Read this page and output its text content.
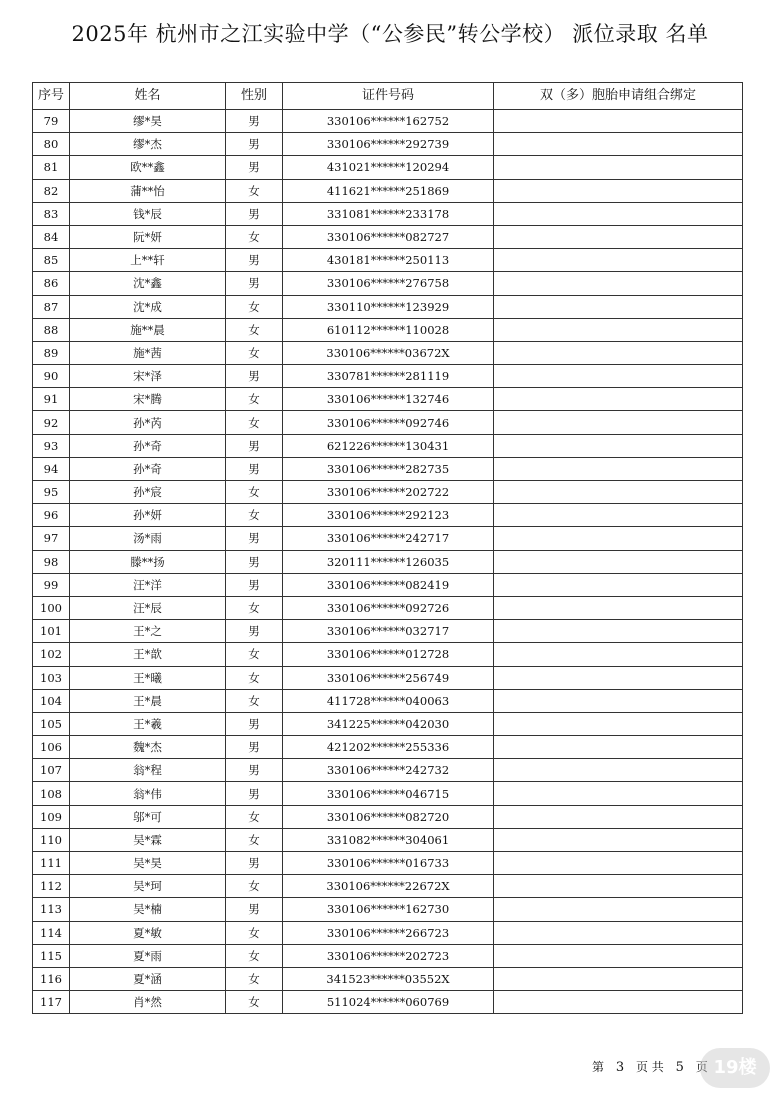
2025年 杭州市之江实验中学（“公参民”转公学校） 派位录取 名单
序号	姓名	性别	证件号码	双（多）胞胎申请组合绑定
79	缪*昊	男	330106******162752	
80	缪*杰	男	330106******292739	
81	欧**鑫	男	431021******120294	
82	蒲**怡	女	411621******251869	
83	钱*辰	男	331081******233178	
84	阮*妍	女	330106******082727	
85	上**轩	男	430181******250113	
86	沈*鑫	男	330106******276758	
87	沈*成	女	330110******123929	
88	施**晨	女	610112******110028	
89	施*茜	女	330106******03672X	
90	宋*泽	男	330781******281119	
91	宋*腾	女	330106******132746	
92	孙*芮	女	330106******092746	
93	孙*奇	男	621226******130431	
94	孙*奇	男	330106******282735	
95	孙*宸	女	330106******202722	
96	孙*妍	女	330106******292123	
97	汤*雨	男	330106******242717	
98	滕**扬	男	320111******126035	
99	汪*洋	男	330106******082419	
100	汪*辰	女	330106******092726	
101	王*之	男	330106******032717	
102	王*歆	女	330106******012728	
103	王*曦	女	330106******256749	
104	王*晨	女	411728******040063	
105	王*羲	男	341225******042030	
106	魏*杰	男	421202******255336	
107	翁*程	男	330106******242732	
108	翁*伟	男	330106******046715	
109	邬*可	女	330106******082720	
110	吴*霖	女	331082******304061	
111	吴*昊	男	330106******016733	
112	吴*珂	女	330106******22672X	
113	吴*楠	男	330106******162730	
114	夏*敏	女	330106******266723	
115	夏*雨	女	330106******202723	
116	夏*涵	女	341523******03552X	
117	肖*然	女	511024******060769	
第 3 页 共 5 页 19楼
